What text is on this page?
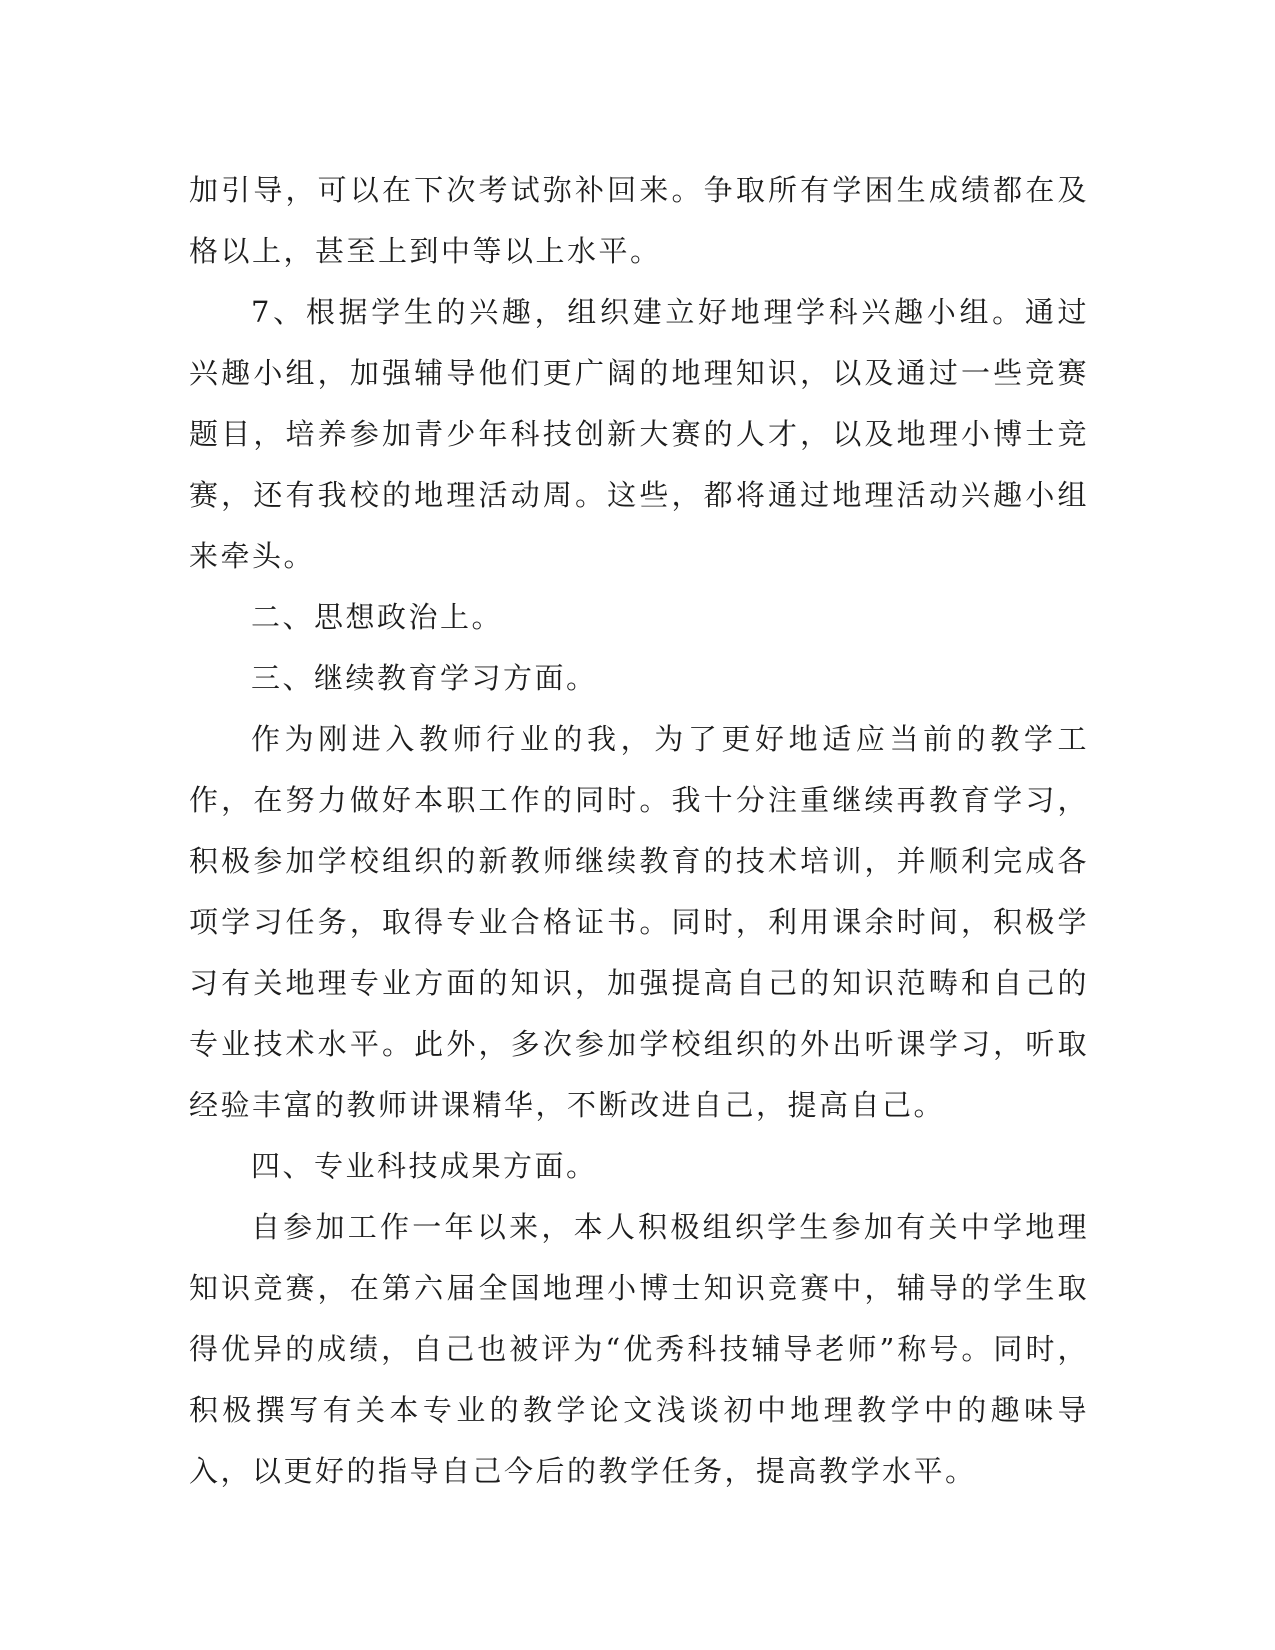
加引导，可以在下次考试弥补回来。争取所有学困生成绩都在及格以上，甚至上到中等以上水平。

7、根据学生的兴趣，组织建立好地理学科兴趣小组。通过兴趣小组，加强辅导他们更广阔的地理知识，以及通过一些竞赛题目，培养参加青少年科技创新大赛的人才，以及地理小博士竞赛，还有我校的地理活动周。这些，都将通过地理活动兴趣小组来牵头。

二、思想政治上。

三、继续教育学习方面。

作为刚进入教师行业的我，为了更好地适应当前的教学工作，在努力做好本职工作的同时。我十分注重继续再教育学习，积极参加学校组织的新教师继续教育的技术培训，并顺利完成各项学习任务，取得专业合格证书。同时，利用课余时间，积极学习有关地理专业方面的知识，加强提高自己的知识范畴和自己的专业技术水平。此外，多次参加学校组织的外出听课学习，听取经验丰富的教师讲课精华，不断改进自己，提高自己。

四、专业科技成果方面。

自参加工作一年以来，本人积极组织学生参加有关中学地理知识竞赛，在第六届全国地理小博士知识竞赛中，辅导的学生取得优异的成绩，自己也被评为“优秀科技辅导老师”称号。同时，积极撰写有关本专业的教学论文浅谈初中地理教学中的趣味导入，以更好的指导自己今后的教学任务，提高教学水平。
